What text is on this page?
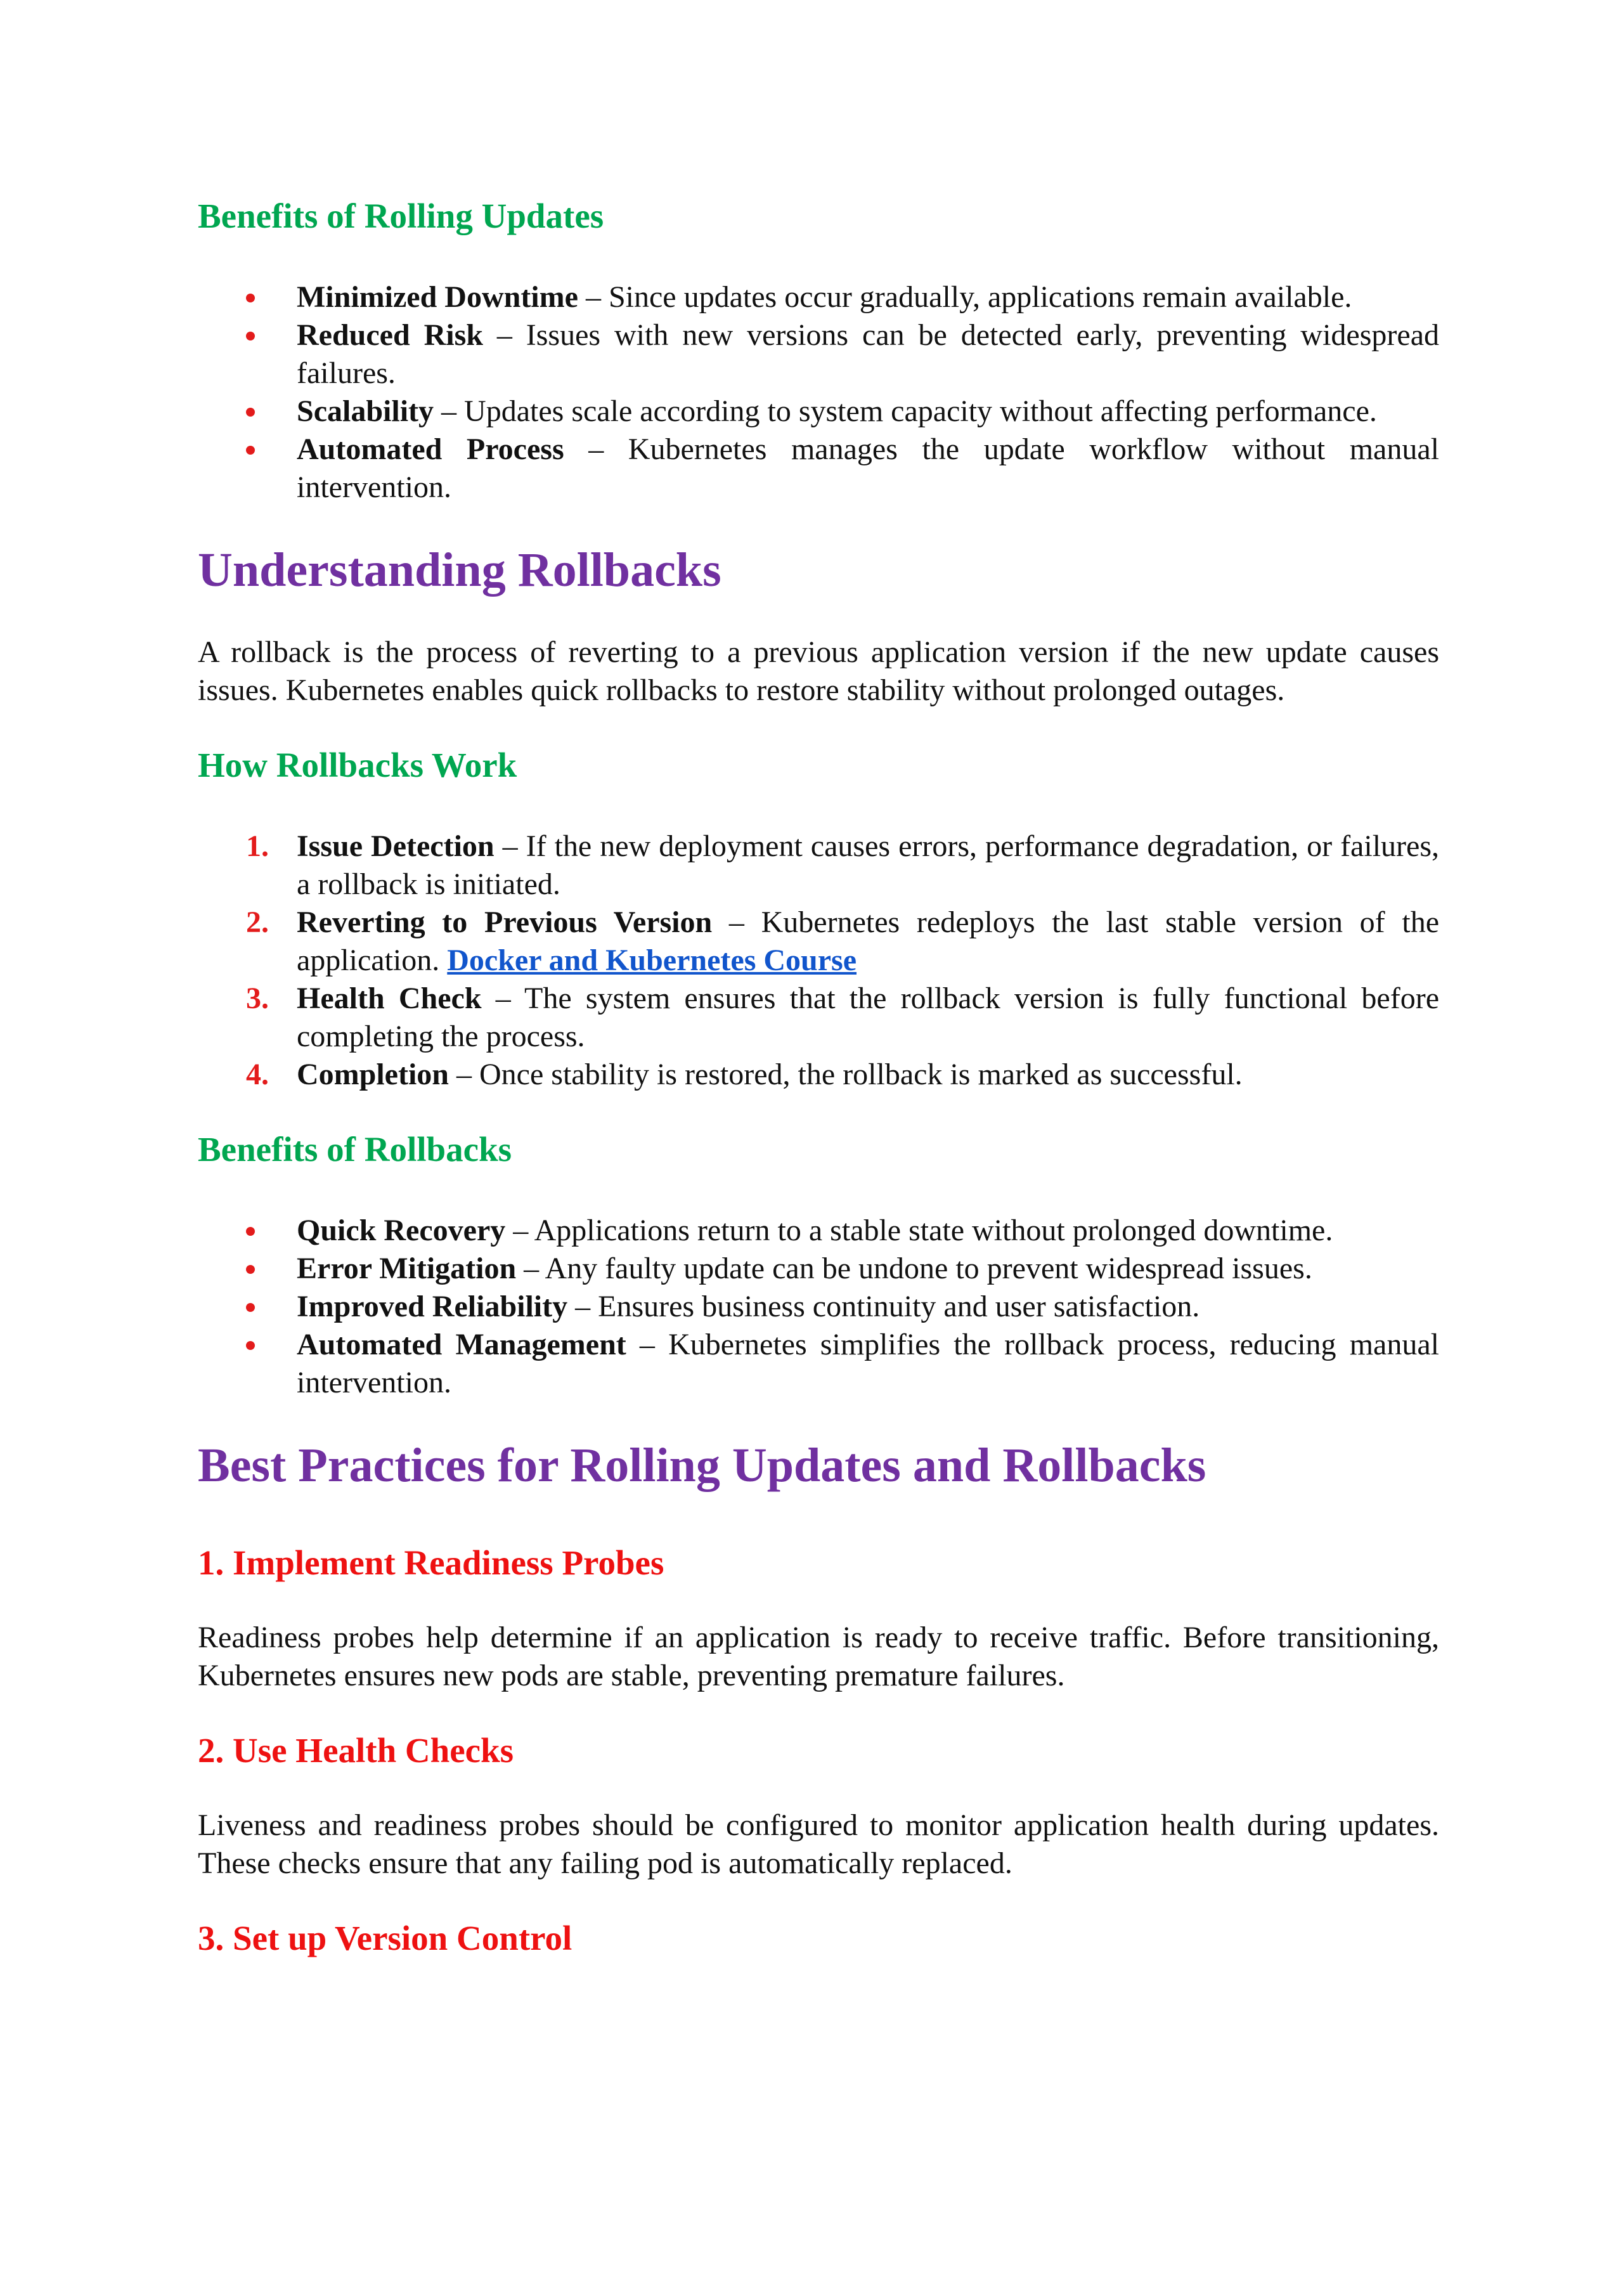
Benefits of Rolling Updates
Minimized Downtime – Since updates occur gradually, applications remain available.
Reduced Risk – Issues with new versions can be detected early, preventing widespread failures.
Scalability – Updates scale according to system capacity without affecting performance.
Automated Process – Kubernetes manages the update workflow without manual intervention.
Understanding Rollbacks

A rollback is the process of reverting to a previous application version if the new update causes issues. Kubernetes enables quick rollbacks to restore stability without prolonged outages.

How Rollbacks Work
1. Issue Detection – If the new deployment causes errors, performance degradation, or failures, a rollback is initiated.
2. Reverting to Previous Version – Kubernetes redeploys the last stable version of the application. Docker and Kubernetes Course
3. Health Check – The system ensures that the rollback version is fully functional before completing the process.
4. Completion – Once stability is restored, the rollback is marked as successful.
Benefits of Rollbacks
Quick Recovery – Applications return to a stable state without prolonged downtime.
Error Mitigation – Any faulty update can be undone to prevent widespread issues.
Improved Reliability – Ensures business continuity and user satisfaction.
Automated Management – Kubernetes simplifies the rollback process, reducing manual intervention.
Best Practices for Rolling Updates and Rollbacks
1. Implement Readiness Probes

Readiness probes help determine if an application is ready to receive traffic. Before transitioning, Kubernetes ensures new pods are stable, preventing premature failures.

2. Use Health Checks

Liveness and readiness probes should be configured to monitor application health during updates. These checks ensure that any failing pod is automatically replaced.

3. Set up Version Control
